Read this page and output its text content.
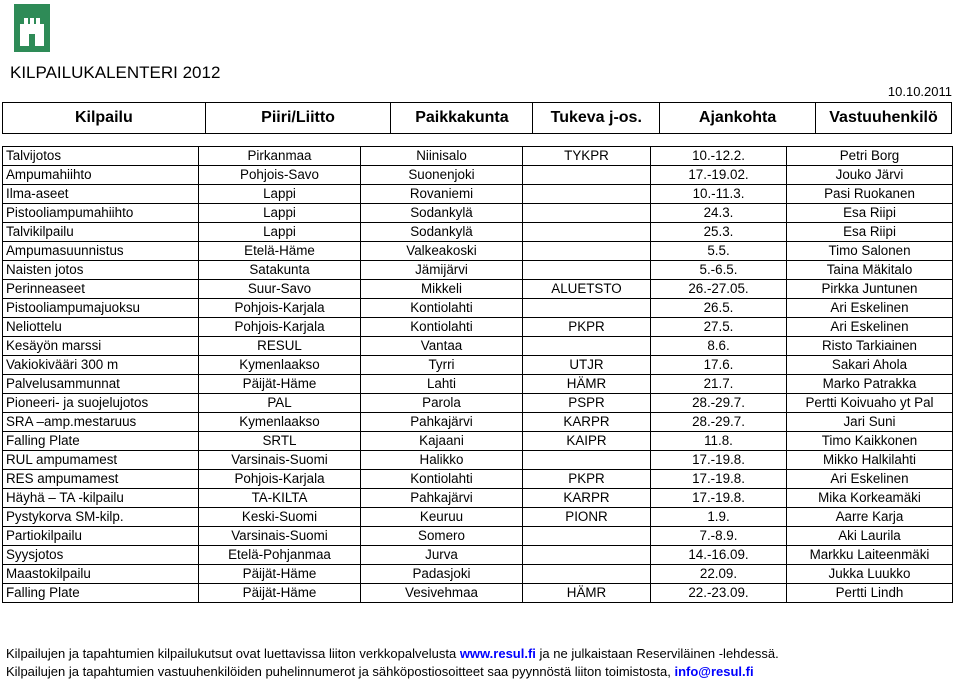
KILPAILUKALENTERI 2012
10.10.2011
Kilpailu	Piiri/Liitto	Paikkakunta	Tukeva j-os.	Ajankohta	Vastuuhenkilö
Talvijotos	Pirkanmaa	Niinisalo	TYKPR	10.-12.2.	Petri Borg
Ampumahiihto	Pohjois-Savo	Suonenjoki		17.-19.02.	Jouko Järvi
Ilma-aseet	Lappi	Rovaniemi		10.-11.3.	Pasi Ruokanen
Pistooliampumahiihto	Lappi	Sodankylä		24.3.	Esa Riipi
Talvikilpailu	Lappi	Sodankylä		25.3.	Esa Riipi
Ampumasuunnistus	Etelä-Häme	Valkeakoski		5.5.	Timo Salonen
Naisten jotos	Satakunta	Jämijärvi		5.-6.5.	Taina Mäkitalo
Perinneaseet	Suur-Savo	Mikkeli	ALUETSTO	26.-27.05.	Pirkka Juntunen
Pistooliampumajuoksu	Pohjois-Karjala	Kontiolahti		26.5.	Ari Eskelinen
Neliottelu	Pohjois-Karjala	Kontiolahti	PKPR	27.5.	Ari Eskelinen
Kesäyön marssi	RESUL	Vantaa		8.6.	Risto Tarkiainen
Vakiokivääri 300 m	Kymenlaakso	Tyrri	UTJR	17.6.	Sakari Ahola
Palvelusammunnat	Päijät-Häme	Lahti	HÄMR	21.7.	Marko Patrakka
Pioneeri- ja suojelujotos	PAL	Parola	PSPR	28.-29.7.	Pertti Koivuaho yt Pal
SRA –amp.mestaruus	Kymenlaakso	Pahkajärvi	KARPR	28.-29.7.	Jari Suni
Falling Plate	SRTL	Kajaani	KAIPR	11.8.	Timo Kaikkonen
RUL ampumamest	Varsinais-Suomi	Halikko		17.-19.8.	Mikko Halkilahti
RES ampumamest	Pohjois-Karjala	Kontiolahti	PKPR	17.-19.8.	Ari Eskelinen
Häyhä – TA -kilpailu	TA-KILTA	Pahkajärvi	KARPR	17.-19.8.	Mika Korkeamäki
Pystykorva SM-kilp.	Keski-Suomi	Keuruu	PIONR	1.9.	Aarre Karja
Partiokilpailu	Varsinais-Suomi	Somero		7.-8.9.	Aki Laurila
Syysjotos	Etelä-Pohjanmaa	Jurva		14.-16.09.	Markku Laiteenmäki
Maastokilpailu	Päijät-Häme	Padasjoki		22.09.	Jukka Luukko
Falling Plate	Päijät-Häme	Vesivehmaa	HÄMR	22.-23.09.	Pertti Lindh
Kilpailujen ja tapahtumien kilpailukutsut ovat luettavissa liiton verkkopalvelusta www.resul.fi ja ne julkaistaan Reserviläinen -lehdessä.
Kilpailujen ja tapahtumien vastuuhenkilöiden puhelinnumerot ja sähköpostiosoitteet saa pyynnöstä liiton toimistosta, info@resul.fi
